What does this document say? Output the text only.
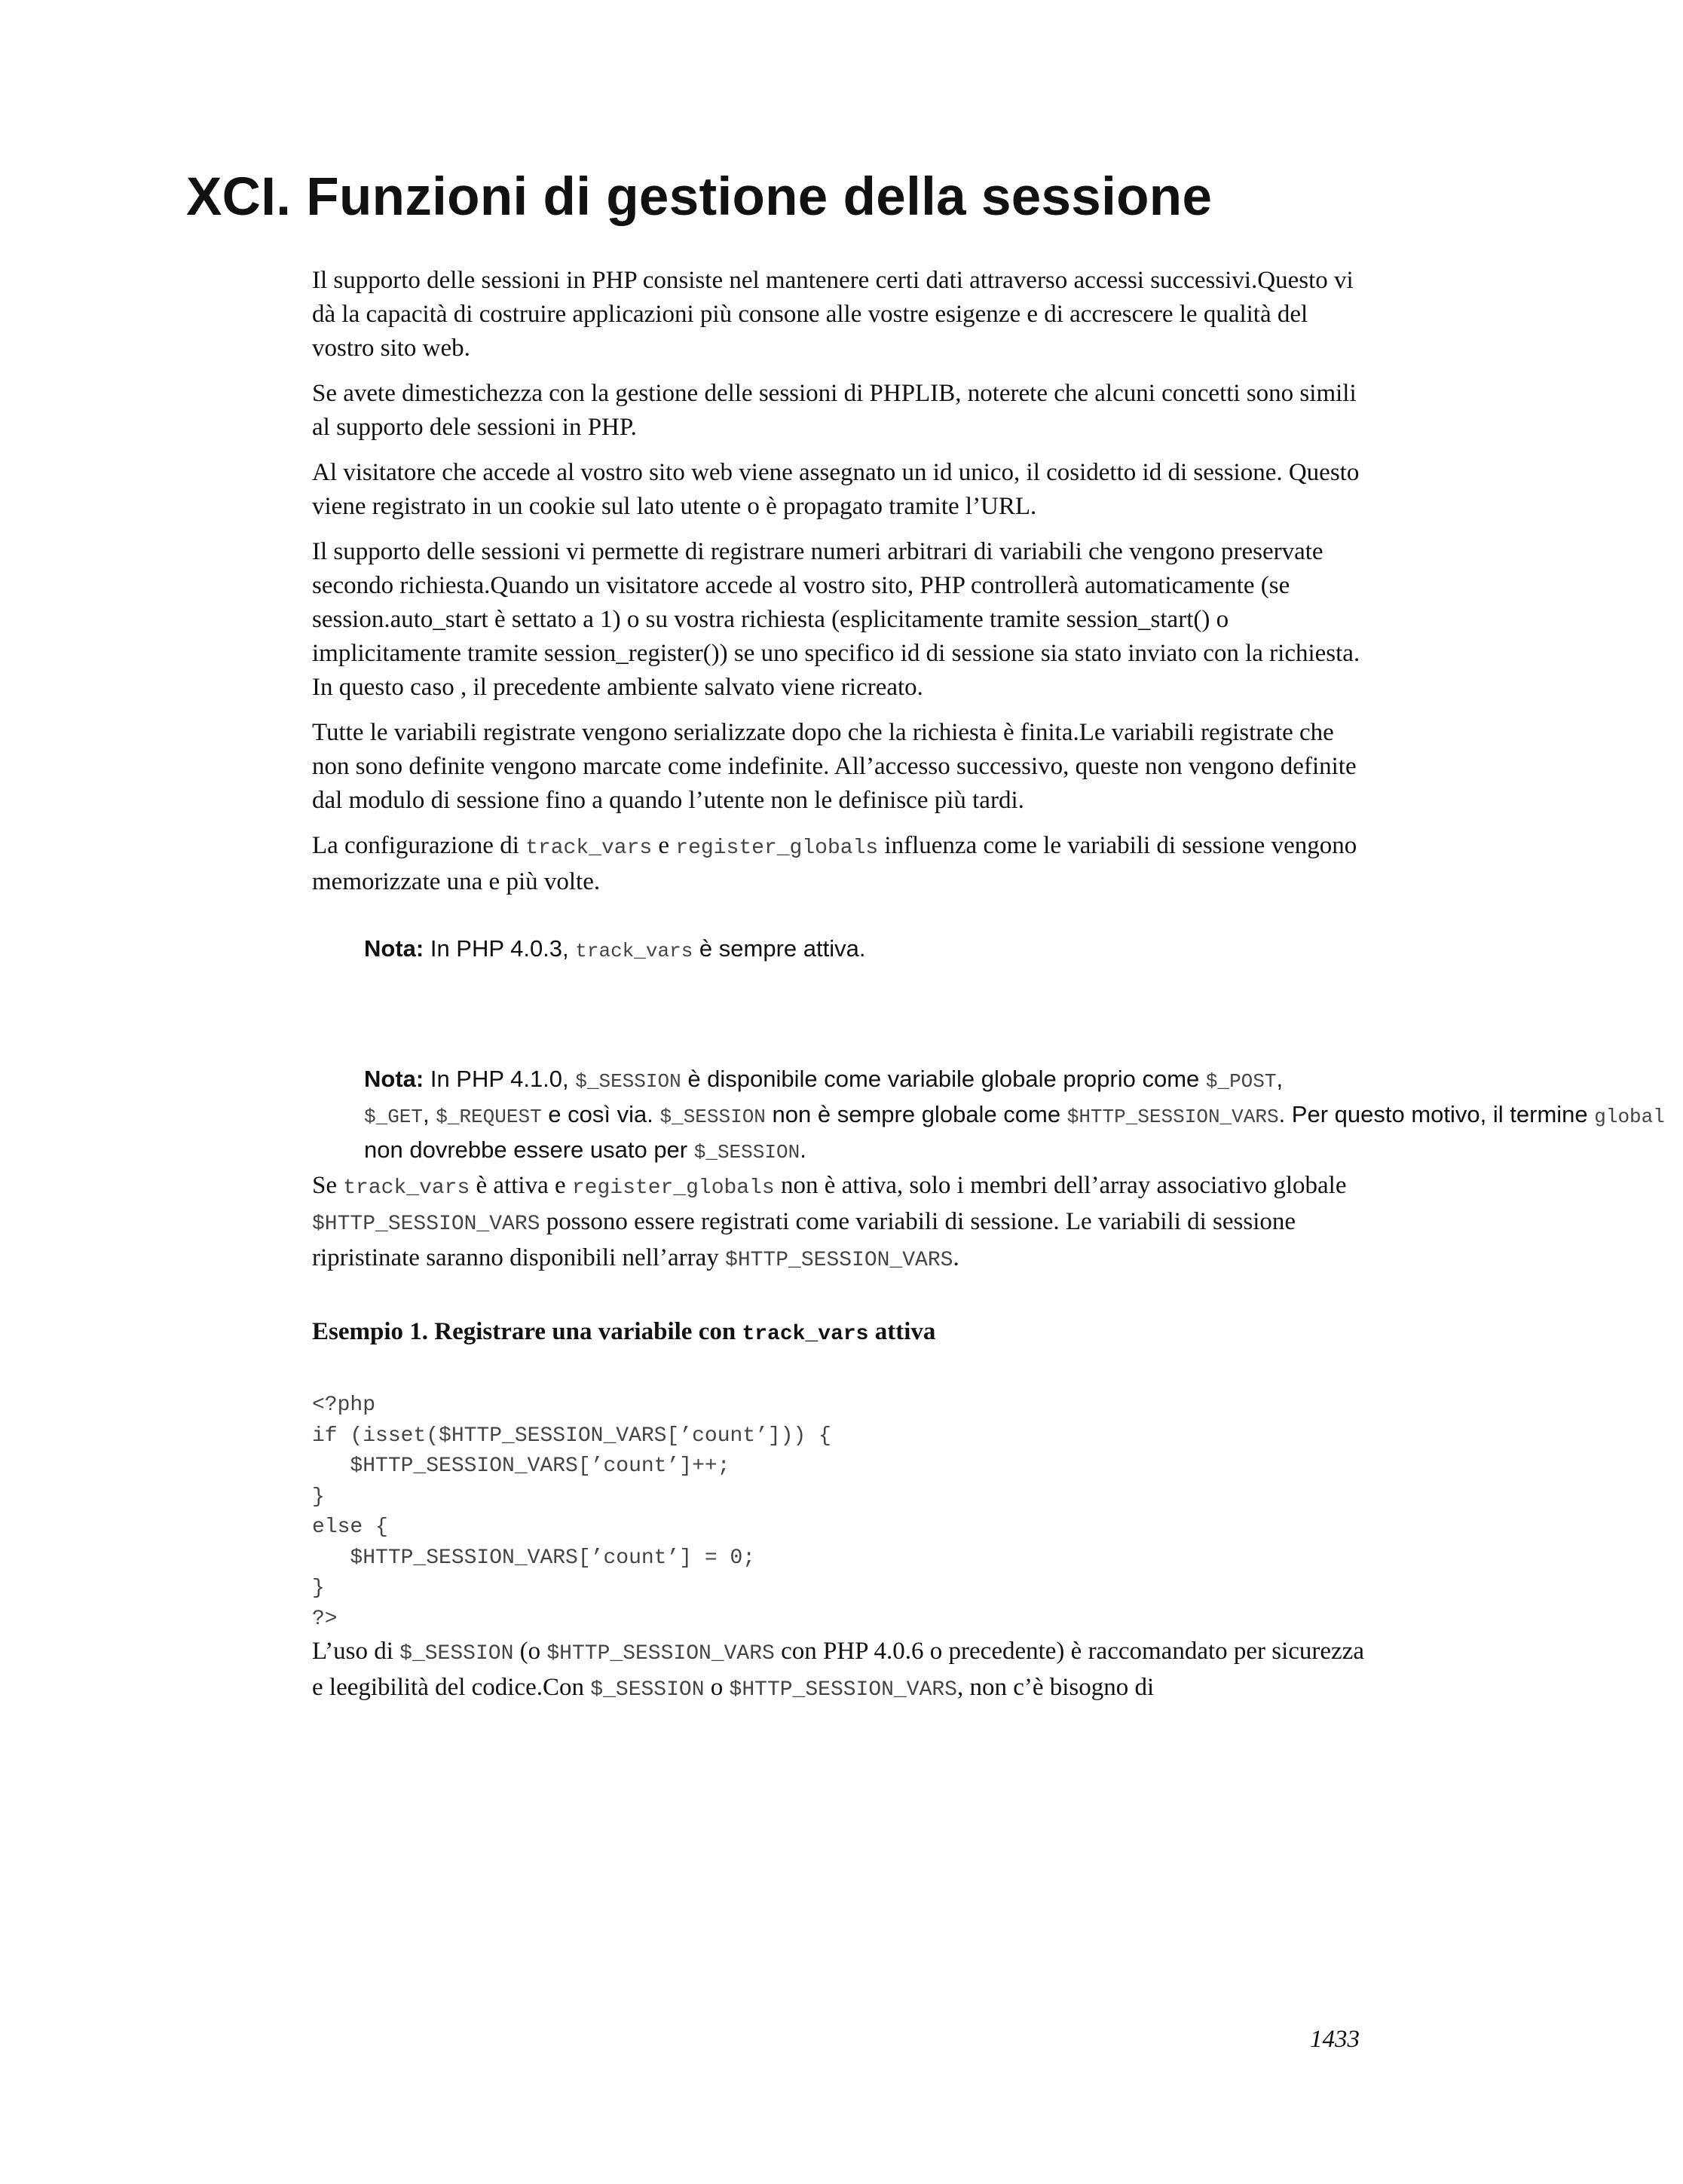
XCI. Funzioni di gestione della sessione

Il supporto delle sessioni in PHP consiste nel mantenere certi dati attraverso accessi successivi.Questo vi dà la capacità di costruire applicazioni più consone alle vostre esigenze e di accrescere le qualità del vostro sito web.

Se avete dimestichezza con la gestione delle sessioni di PHPLIB, noterete che alcuni concetti sono simili al supporto dele sessioni in PHP.

Al visitatore che accede al vostro sito web viene assegnato un id unico, il cosidetto id di sessione. Questo viene registrato in un cookie sul lato utente o è propagato tramite l’URL.

Il supporto delle sessioni vi permette di registrare numeri arbitrari di variabili che vengono preservate secondo richiesta.Quando un visitatore accede al vostro sito, PHP controllerà automaticamente (se session.auto_start è settato a 1) o su vostra richiesta (esplicitamente tramite session_start() o implicitamente tramite session_register()) se uno specifico id di sessione sia stato inviato con la richiesta. In questo caso , il precedente ambiente salvato viene ricreato.

Tutte le variabili registrate vengono serializzate dopo che la richiesta è finita.Le variabili registrate che non sono definite vengono marcate come indefinite. All’accesso successivo, queste non vengono definite dal modulo di sessione fino a quando l’utente non le definisce più tardi.

La configurazione di track_vars e register_globals influenza come le variabili di sessione vengono memorizzate una e più volte.

Nota: In PHP 4.0.3, track_vars è sempre attiva.
Nota: In PHP 4.1.0, $_SESSION è disponibile come variabile globale proprio come $_POST,
$_GET, $_REQUEST e così via. $_SESSION non è sempre globale come $HTTP_SESSION_VARS. Per questo motivo, il termine global non dovrebbe essere usato per $_SESSION.

Se track_vars è attiva e register_globals non è attiva, solo i membri dell’array associativo globale $HTTP_SESSION_VARS possono essere registrati come variabili di sessione. Le variabili di sessione ripristinate saranno disponibili nell’array $HTTP_SESSION_VARS.

Esempio 1. Registrare una variabile con track_vars attiva
<?php
if (isset($HTTP_SESSION_VARS[’count’])) {
$HTTP_SESSION_VARS[’count’]++;
}
else {
$HTTP_SESSION_VARS[’count’] = 0;
}
?>

L’uso di $_SESSION (o $HTTP_SESSION_VARS con PHP 4.0.6 o precedente) è raccomandato per sicurezza e leegibilità del codice.Con $_SESSION o $HTTP_SESSION_VARS, non c’è bisogno di

1433
